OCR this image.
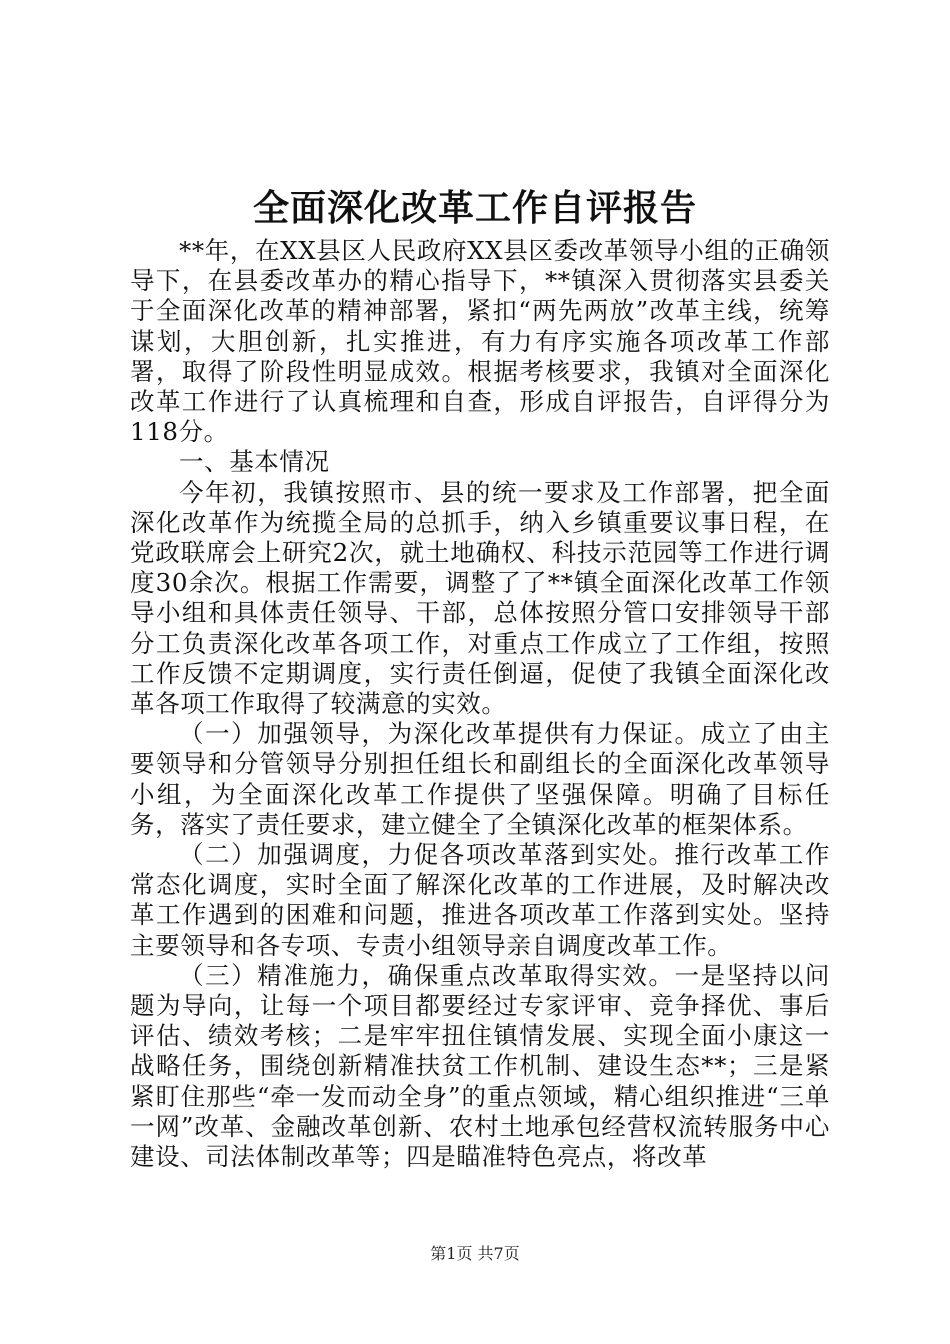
全面深化改革工作自评报告

**年，在XX县区人民政府XX县区委改革领导小组的正确领导下，在县委改革办的精心指导下，**镇深入贯彻落实县委关于全面深化改革的精神部署，紧扣“两先两放”改革主线，统筹谋划，大胆创新，扎实推进，有力有序实施各项改革工作部署，取得了阶段性明显成效。根据考核要求，我镇对全面深化改革工作进行了认真梳理和自查，形成自评报告，自评得分为118分。

一、基本情况

今年初，我镇按照市、县的统一要求及工作部署，把全面深化改革作为统揽全局的总抓手，纳入乡镇重要议事日程，在党政联席会上研究2次，就土地确权、科技示范园等工作进行调度30余次。根据工作需要，调整了了**镇全面深化改革工作领导小组和具体责任领导、干部，总体按照分管口安排领导干部分工负责深化改革各项工作，对重点工作成立了工作组，按照工作反馈不定期调度，实行责任倒逼，促使了我镇全面深化改革各项工作取得了较满意的实效。

（一）加强领导，为深化改革提供有力保证。成立了由主要领导和分管领导分别担任组长和副组长的全面深化改革领导小组，为全面深化改革工作提供了坚强保障。明确了目标任务，落实了责任要求，建立健全了全镇深化改革的框架体系。

（二）加强调度，力促各项改革落到实处。推行改革工作常态化调度，实时全面了解深化改革的工作进展，及时解决改革工作遇到的困难和问题，推进各项改革工作落到实处。坚持主要领导和各专项、专责小组领导亲自调度改革工作。

（三）精准施力，确保重点改革取得实效。一是坚持以问题为导向，让每一个项目都要经过专家评审、竞争择优、事后评估、绩效考核；二是牢牢扭住镇情发展、实现全面小康这一战略任务，围绕创新精准扶贫工作机制、建设生态**；三是紧紧盯住那些“牵一发而动全身”的重点领域，精心组织推进“三单一网”改革、金融改革创新、农村土地承包经营权流转服务中心建设、司法体制改革等；四是瞄准特色亮点，将改革

第1页 共7页
